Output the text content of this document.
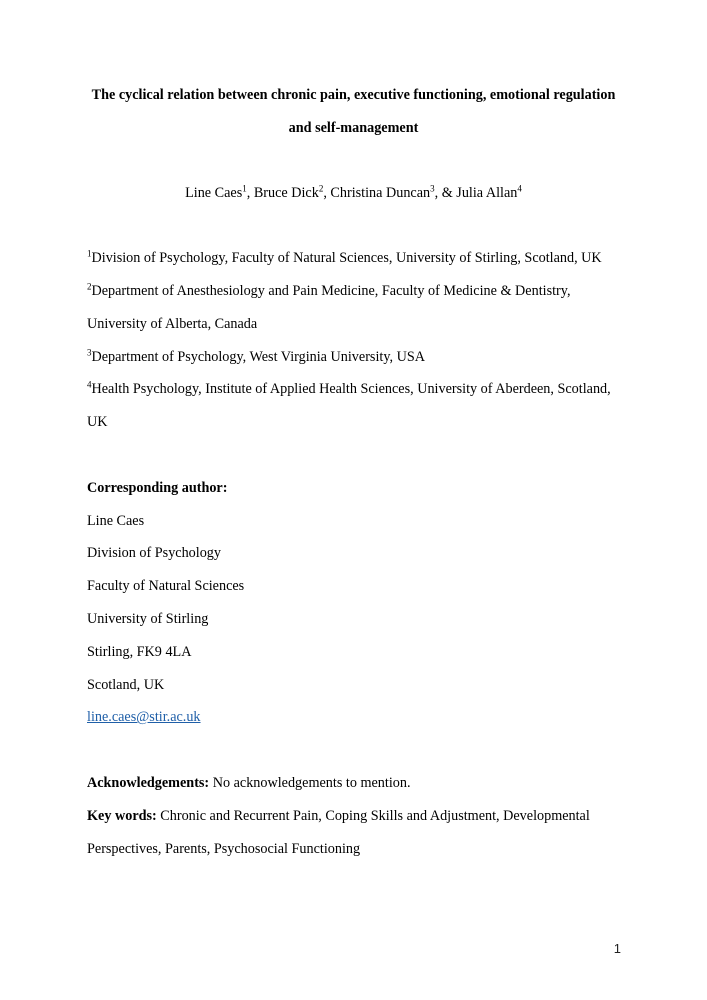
The cyclical relation between chronic pain, executive functioning, emotional regulation
and self-management
Line Caes$^1$, Bruce Dick$^2$, Christina Duncan$^3$, & Julia Allan$^4$
$^1$Division of Psychology, Faculty of Natural Sciences, University of Stirling, Scotland, UK
$^2$Department of Anesthesiology and Pain Medicine, Faculty of Medicine & Dentistry,
University of Alberta, Canada
$^3$Department of Psychology, West Virginia University, USA
$^4$Health Psychology, Institute of Applied Health Sciences, University of Aberdeen, Scotland,
UK
Corresponding author:
Line Caes
Division of Psychology
Faculty of Natural Sciences
University of Stirling
Stirling, FK9 4LA
Scotland, UK
line.caes@stir.ac.uk
Acknowledgements: No acknowledgements to mention.
Key words: Chronic and Recurrent Pain, Coping Skills and Adjustment, Developmental
Perspectives, Parents, Psychosocial Functioning
1
